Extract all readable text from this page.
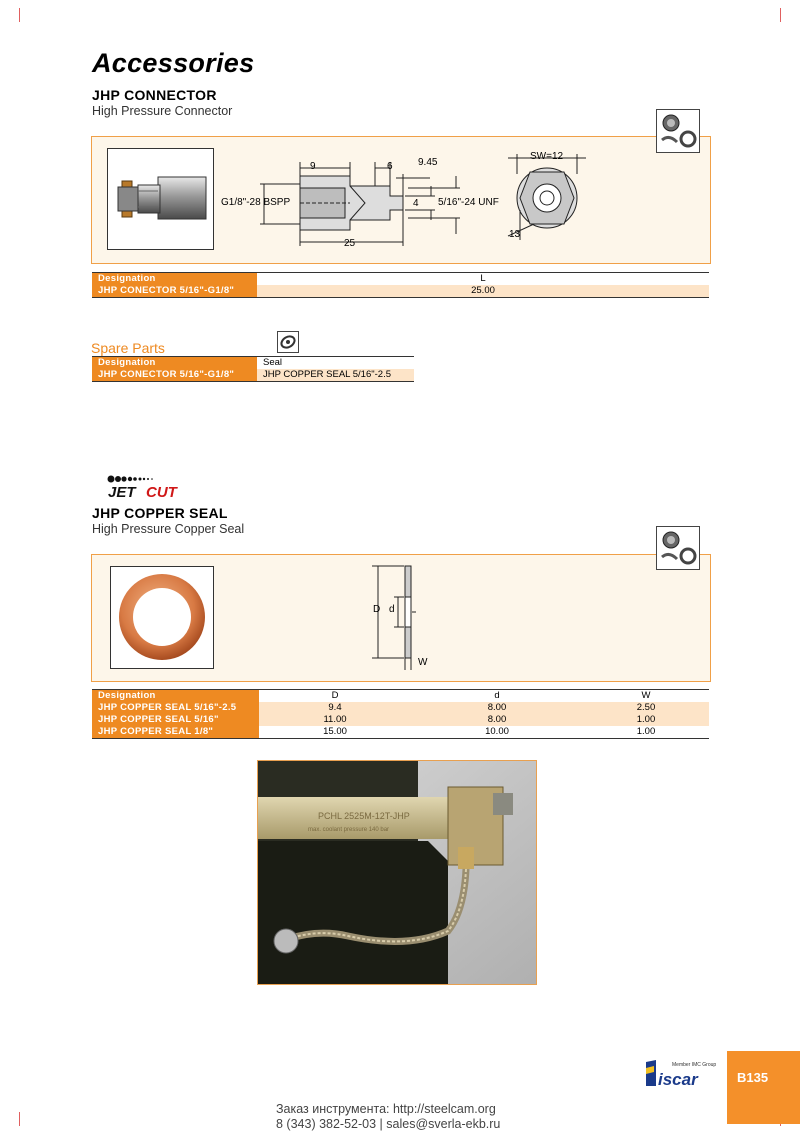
Accessories
JHP CONNECTOR
High Pressure Connector
9	6	9.45
G1/8"-28 BSPP	5/16"-24 UNF
4
25
SW=12
13
Designation	L
JHP CONECTOR 5/16"-G1/8"	25.00
Spare Parts
Designation	Seal
JHP CONECTOR 5/16"-G1/8"	JHP COPPER SEAL 5/16"-2.5
JET CUT
JHP COPPER SEAL
High Pressure Copper Seal
D d
W
Designation	D	d	W
JHP COPPER SEAL 5/16"-2.5	9.4	8.00	2.50
JHP COPPER SEAL 5/16"	11.00	8.00	1.00
JHP COPPER SEAL 1/8"	15.00	10.00	1.00
PCHL 2525M-12T-JHP
max. coolant pressure 140 bar
iscar
Member IMC Group
B135
Заказ инструмента: http://steelcam.org
8 (343) 382-52-03 | sales@sverla-ekb.ru
